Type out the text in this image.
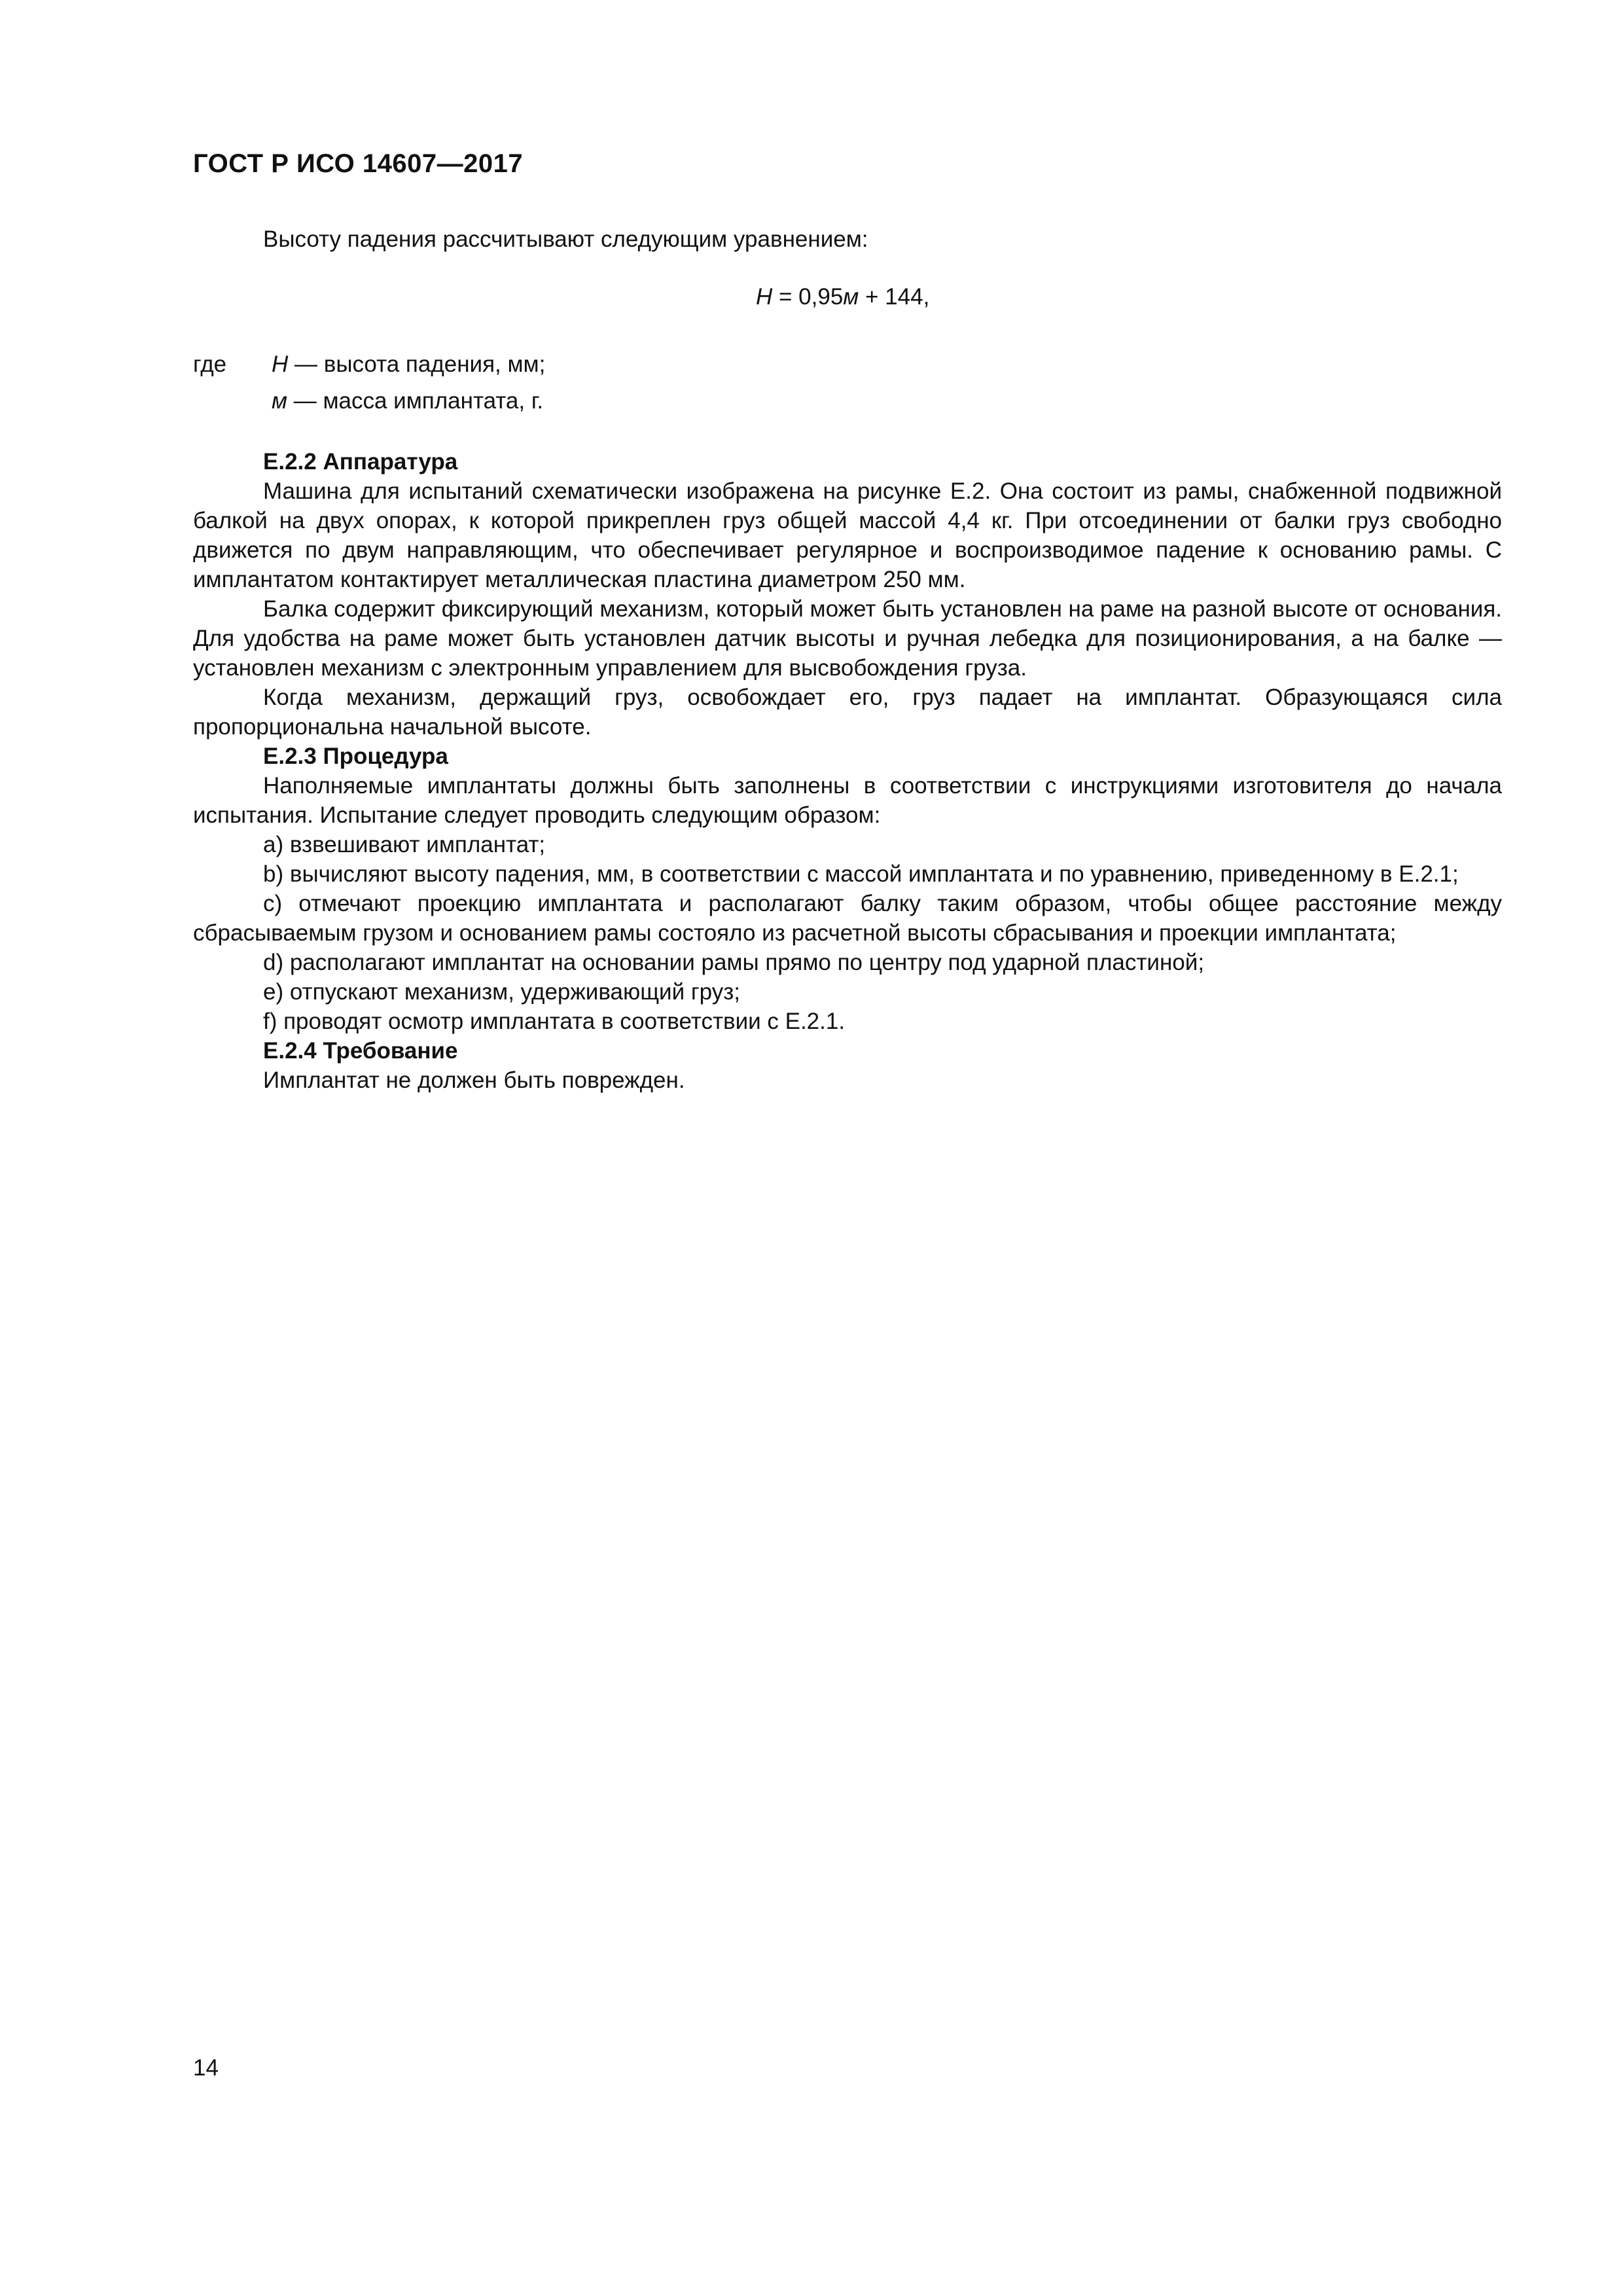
ГОСТ Р ИСО 14607—2017
Высоту падения рассчитывают следующим уравнением:
H = 0,95м + 144,
где H — высота падения, мм;
м — масса имплантата, г.

Е.2.2 Аппаратура

Машина для испытаний схематически изображена на рисунке Е.2. Она состоит из рамы, снабженной подвижной балкой на двух опорах, к которой прикреплен груз общей массой 4,4 кг. При отсоединении от балки груз свободно движется по двум направляющим, что обеспечивает регулярное и воспроизводимое падение к основанию рамы. С имплантатом контактирует металлическая пластина диаметром 250 мм.

Балка содержит фиксирующий механизм, который может быть установлен на раме на разной высоте от основания. Для удобства на раме может быть установлен датчик высоты и ручная лебедка для позиционирования, а на балке — установлен механизм с электронным управлением для высвобождения груза.

Когда механизм, держащий груз, освобождает его, груз падает на имплантат. Образующаяся сила пропорциональна начальной высоте.

Е.2.3 Процедура

Наполняемые имплантаты должны быть заполнены в соответствии с инструкциями изготовителя до начала испытания. Испытание следует проводить следующим образом:

a) взвешивают имплантат;

b) вычисляют высоту падения, мм, в соответствии с массой имплантата и по уравнению, приведенному в Е.2.1;

c) отмечают проекцию имплантата и располагают балку таким образом, чтобы общее расстояние между сбрасываемым грузом и основанием рамы состояло из расчетной высоты сбрасывания и проекции имплантата;

d) располагают имплантат на основании рамы прямо по центру под ударной пластиной;

e) отпускают механизм, удерживающий груз;

f) проводят осмотр имплантата в соответствии с Е.2.1.

Е.2.4 Требование

Имплантат не должен быть поврежден.

14
